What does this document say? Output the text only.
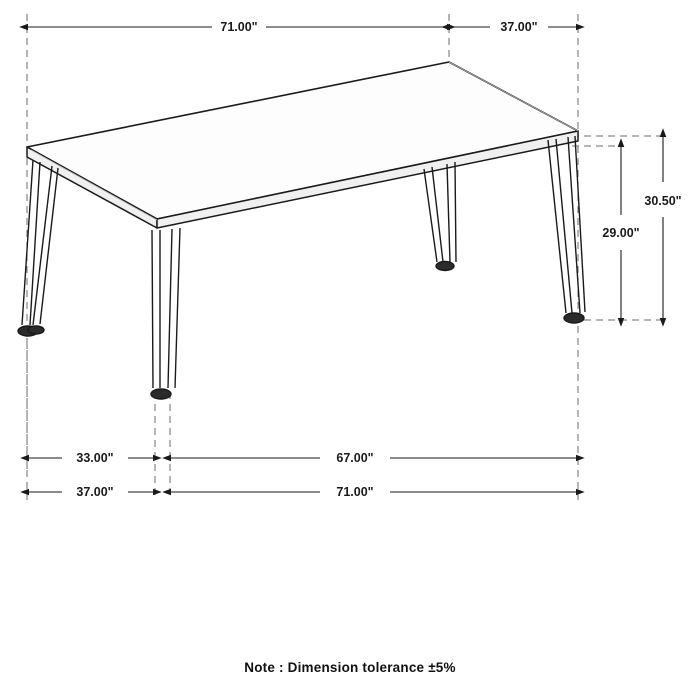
71.00"	37.00"
29.00"
30.50"
33.00"	67.00"
37.00"	71.00"
Note : Dimension tolerance ±5%
